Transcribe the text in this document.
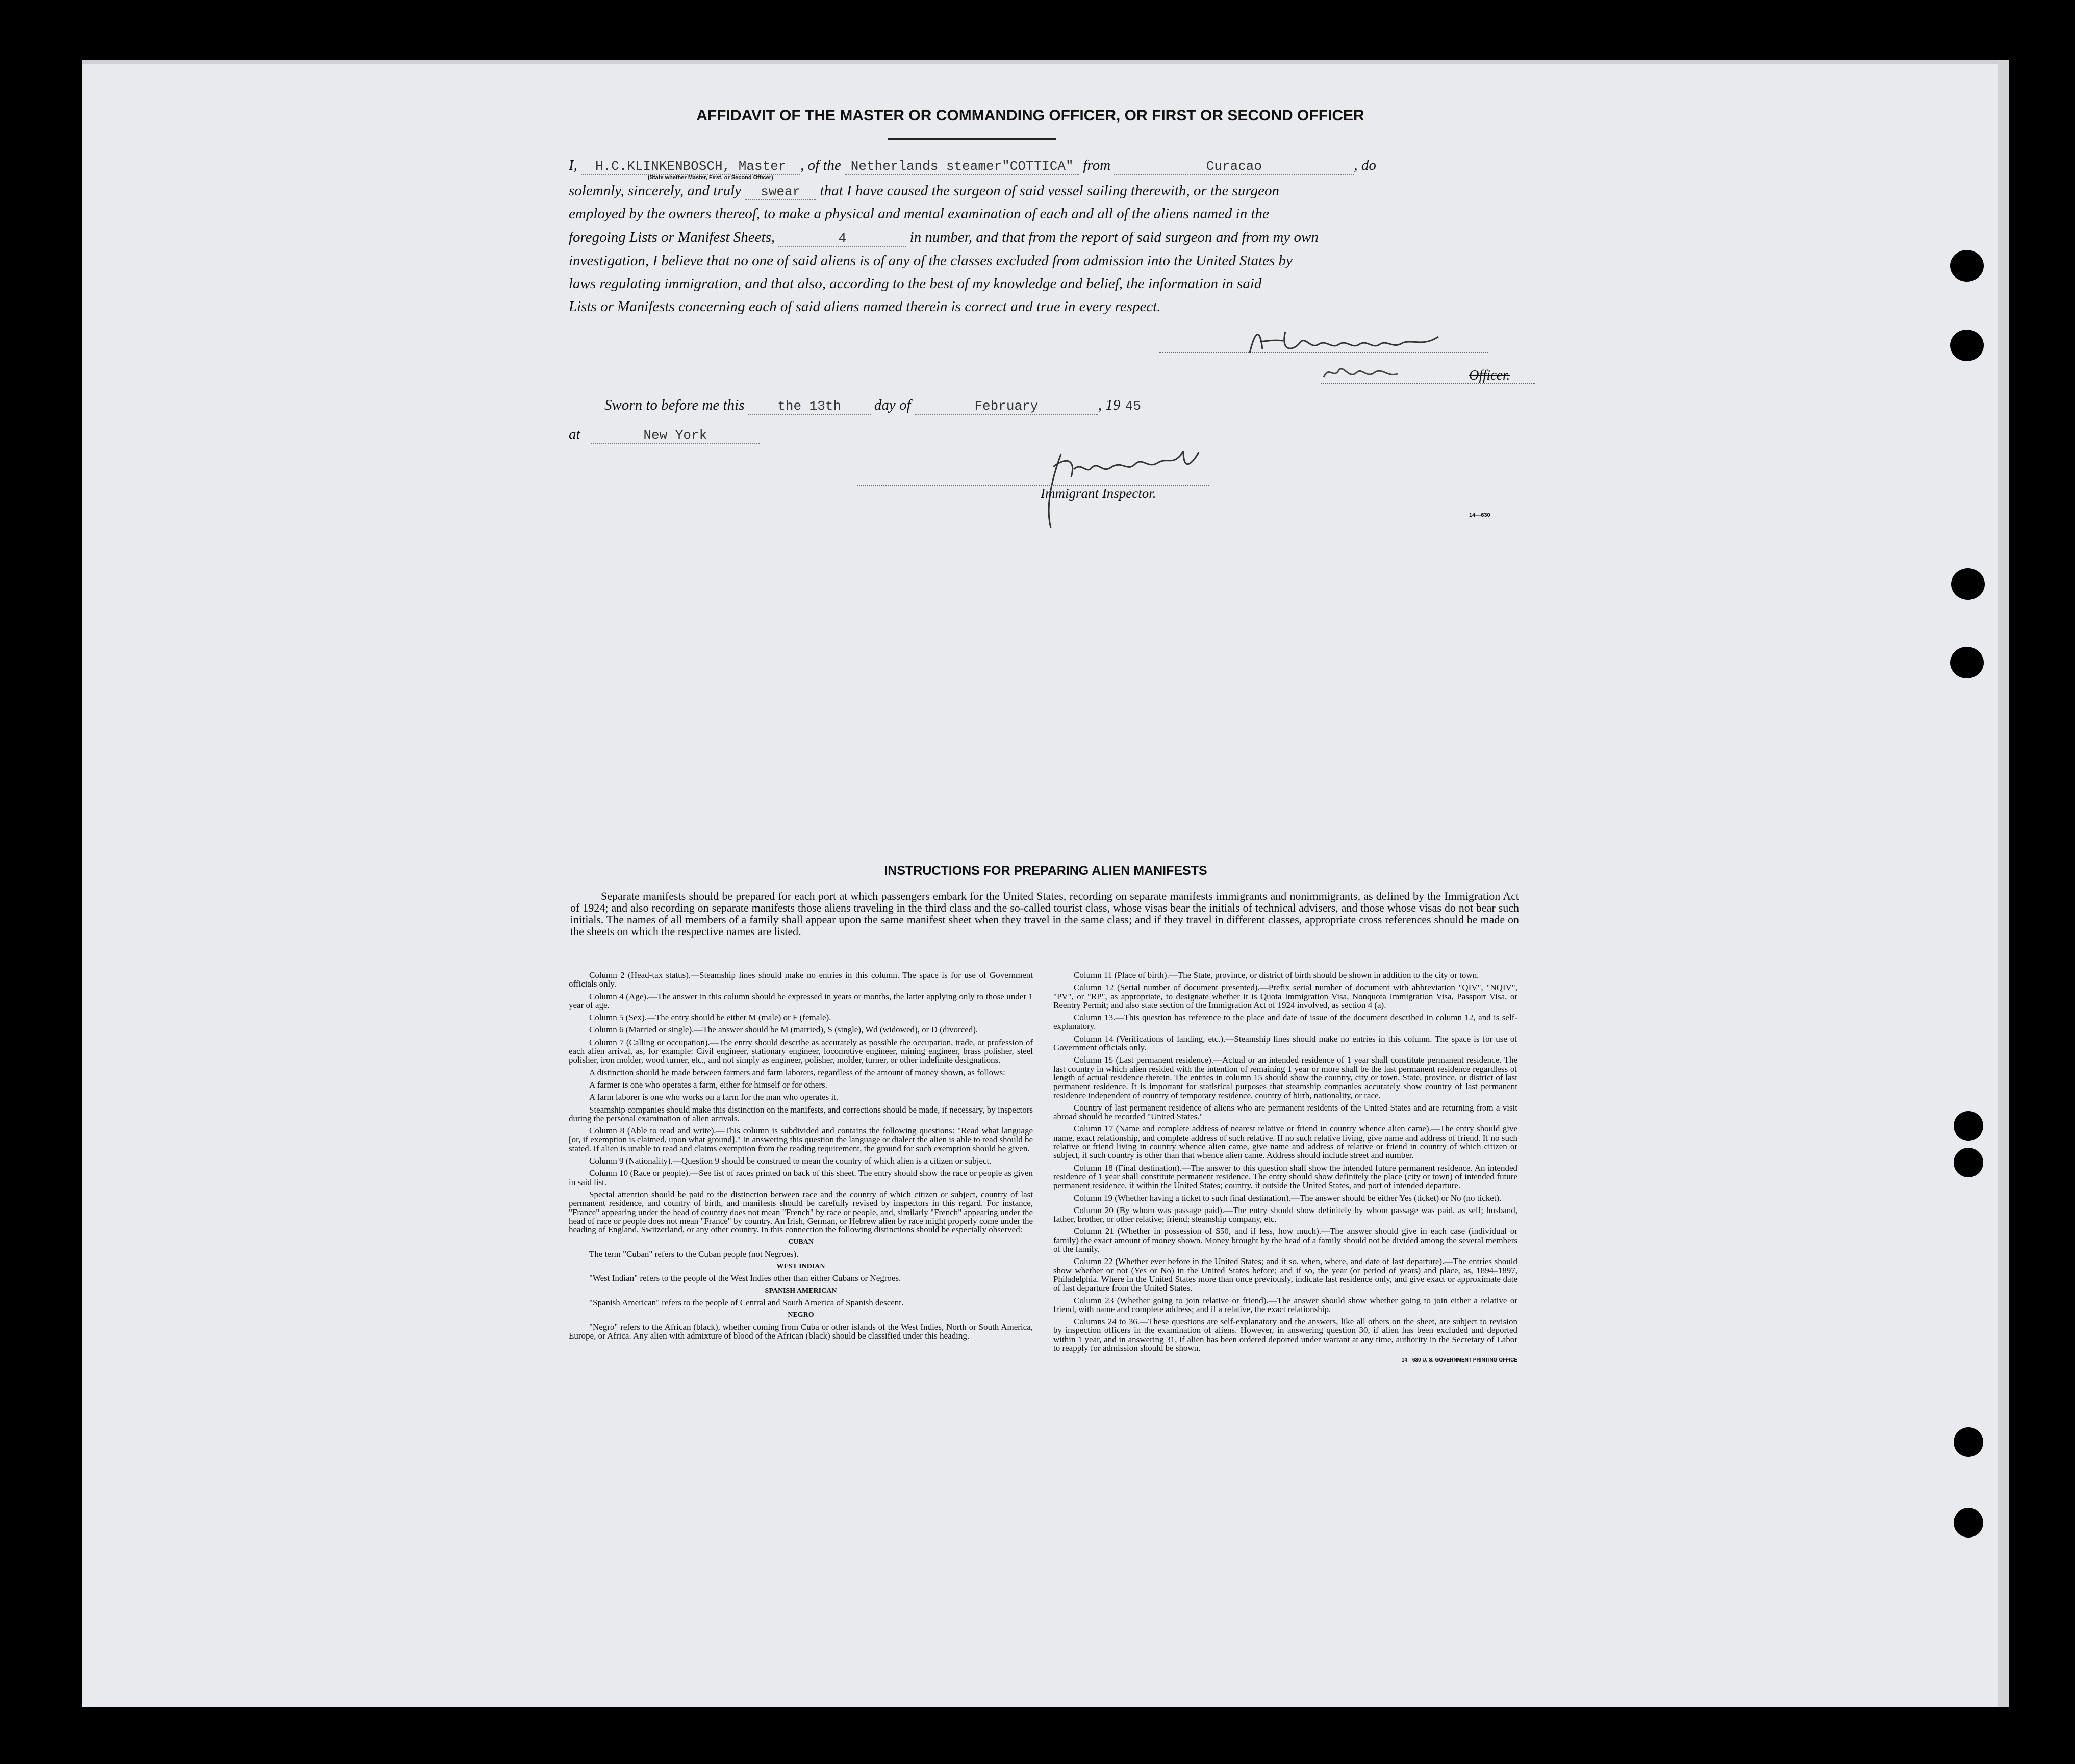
AFFIDAVIT OF THE MASTER OR COMMANDING OFFICER, OR FIRST OR SECOND OFFICER
I, H.C.KLINKENBOSCH, Master , of the Netherlands steamer"COTTICA" from	Curacao	, do
(State whether Master, First, or Second Officer)
solemnly, sincerely, and truly swear that I have caused the surgeon of said vessel sailing therewith, or the surgeon
employed by the owners thereof, to make a physical and mental examination of each and all of the aliens named in the
foregoing Lists or Manifest Sheets,	4	in number, and that from the report of said surgeon and from my own
investigation, I believe that no one of said aliens is of any of the classes excluded from admission into the United States by
laws regulating immigration, and that also, according to the best of my knowledge and belief, the information in said
Lists or Manifests concerning each of said aliens named therein is correct and true in every respect.
Officer.
Sworn to before me this the 13th day of	February	, 19 45
at	New York
Immigrant Inspector.
14—630
INSTRUCTIONS FOR PREPARING ALIEN MANIFESTS
Separate manifests should be prepared for each port at which passengers embark for the United States, recording on separate manifests immigrants and nonimmigrants, as defined by the Immigration Act of 1924; and also recording on separate manifests those aliens traveling in the third class and the so-called tourist class, whose visas bear the initials of technical advisers, and those whose visas do not bear such initials. The names of all members of a family shall appear upon the same manifest sheet when they travel in the same class; and if they travel in different classes, appropriate cross references should be made on the sheets on which the respective names are listed.

Column 2 (Head-tax status).—Steamship lines should make no entries in this column. The space is for use of Government officials only.

Column 4 (Age).—The answer in this column should be expressed in years or months, the latter applying only to those under 1 year of age.

Column 5 (Sex).—The entry should be either M (male) or F (female).

Column 6 (Married or single).—The answer should be M (married), S (single), Wd (widowed), or D (divorced).

Column 7 (Calling or occupation).—The entry should describe as accurately as possible the occupation, trade, or profession of each alien arrival, as, for example: Civil engineer, stationary engineer, locomotive engineer, mining engineer, brass polisher, steel polisher, iron molder, wood turner, etc., and not simply as engineer, polisher, molder, turner, or other indefinite designations.

A distinction should be made between farmers and farm laborers, regardless of the amount of money shown, as follows:

A farmer is one who operates a farm, either for himself or for others.

A farm laborer is one who works on a farm for the man who operates it.

Steamship companies should make this distinction on the manifests, and corrections should be made, if necessary, by inspectors during the personal examination of alien arrivals.

Column 8 (Able to read and write).—This column is subdivided and contains the following questions: "Read what language [or, if exemption is claimed, upon what ground]." In answering this question the language or dialect the alien is able to read should be stated. If alien is unable to read and claims exemption from the reading requirement, the ground for such exemption should be given.

Column 9 (Nationality).—Question 9 should be construed to mean the country of which alien is a citizen or subject.

Column 10 (Race or people).—See list of races printed on back of this sheet. The entry should show the race or people as given in said list.

Special attention should be paid to the distinction between race and the country of which citizen or subject, country of last permanent residence, and country of birth, and manifests should be carefully revised by inspectors in this regard. For instance, "France" appearing under the head of country does not mean "French" by race or people, and, similarly "French" appearing under the head of race or people does not mean "France" by country. An Irish, German, or Hebrew alien by race might properly come under the heading of England, Switzerland, or any other country. In this connection the following distinctions should be especially observed:

CUBAN

The term "Cuban" refers to the Cuban people (not Negroes).

WEST INDIAN

"West Indian" refers to the people of the West Indies other than either Cubans or Negroes.

SPANISH AMERICAN

"Spanish American" refers to the people of Central and South America of Spanish descent.

NEGRO

"Negro" refers to the African (black), whether coming from Cuba or other islands of the West Indies, North or South America, Europe, or Africa. Any alien with admixture of blood of the African (black) should be classified under this heading.

Column 11 (Place of birth).—The State, province, or district of birth should be shown in addition to the city or town.

Column 12 (Serial number of document presented).—Prefix serial number of document with abbreviation "QIV", "NQIV", "PV", or "RP", as appropriate, to designate whether it is Quota Immigration Visa, Nonquota Immigration Visa, Passport Visa, or Reentry Permit; and also state section of the Immigration Act of 1924 involved, as section 4 (a).

Column 13.—This question has reference to the place and date of issue of the document described in column 12, and is self-explanatory.

Column 14 (Verifications of landing, etc.).—Steamship lines should make no entries in this column. The space is for use of Government officials only.

Column 15 (Last permanent residence).—Actual or an intended residence of 1 year shall constitute permanent residence. The last country in which alien resided with the intention of remaining 1 year or more shall be the last permanent residence regardless of length of actual residence therein. The entries in column 15 should show the country, city or town, State, province, or district of last permanent residence. It is important for statistical purposes that steamship companies accurately show country of last permanent residence independent of country of temporary residence, country of birth, nationality, or race.

Country of last permanent residence of aliens who are permanent residents of the United States and are returning from a visit abroad should be recorded "United States."

Column 17 (Name and complete address of nearest relative or friend in country whence alien came).—The entry should give name, exact relationship, and complete address of such relative. If no such relative living, give name and address of friend. If no such relative or friend living in country whence alien came, give name and address of relative or friend in country of which citizen or subject, if such country is other than that whence alien came. Address should include street and number.

Column 18 (Final destination).—The answer to this question shall show the intended future permanent residence. An intended residence of 1 year shall constitute permanent residence. The entry should show definitely the place (city or town) of intended future permanent residence, if within the United States; country, if outside the United States, and port of intended departure.

Column 19 (Whether having a ticket to such final destination).—The answer should be either Yes (ticket) or No (no ticket).

Column 20 (By whom was passage paid).—The entry should show definitely by whom passage was paid, as self; husband, father, brother, or other relative; friend; steamship company, etc.

Column 21 (Whether in possession of $50, and if less, how much).—The answer should give in each case (individual or family) the exact amount of money shown. Money brought by the head of a family should not be divided among the several members of the family.

Column 22 (Whether ever before in the United States; and if so, when, where, and date of last departure).—The entries should show whether or not (Yes or No) in the United States before; and if so, the year (or period of years) and place, as, 1894–1897, Philadelphia. Where in the United States more than once previously, indicate last residence only, and give exact or approximate date of last departure from the United States.

Column 23 (Whether going to join relative or friend).—The answer should show whether going to join either a relative or friend, with name and complete address; and if a relative, the exact relationship.

Columns 24 to 36.—These questions are self-explanatory and the answers, like all others on the sheet, are subject to revision by inspection officers in the examination of aliens. However, in answering question 30, if alien has been excluded and deported within 1 year, and in answering 31, if alien has been ordered deported under warrant at any time, authority in the Secretary of Labor to reapply for admission should be shown.

14—630 U. S. GOVERNMENT PRINTING OFFICE
